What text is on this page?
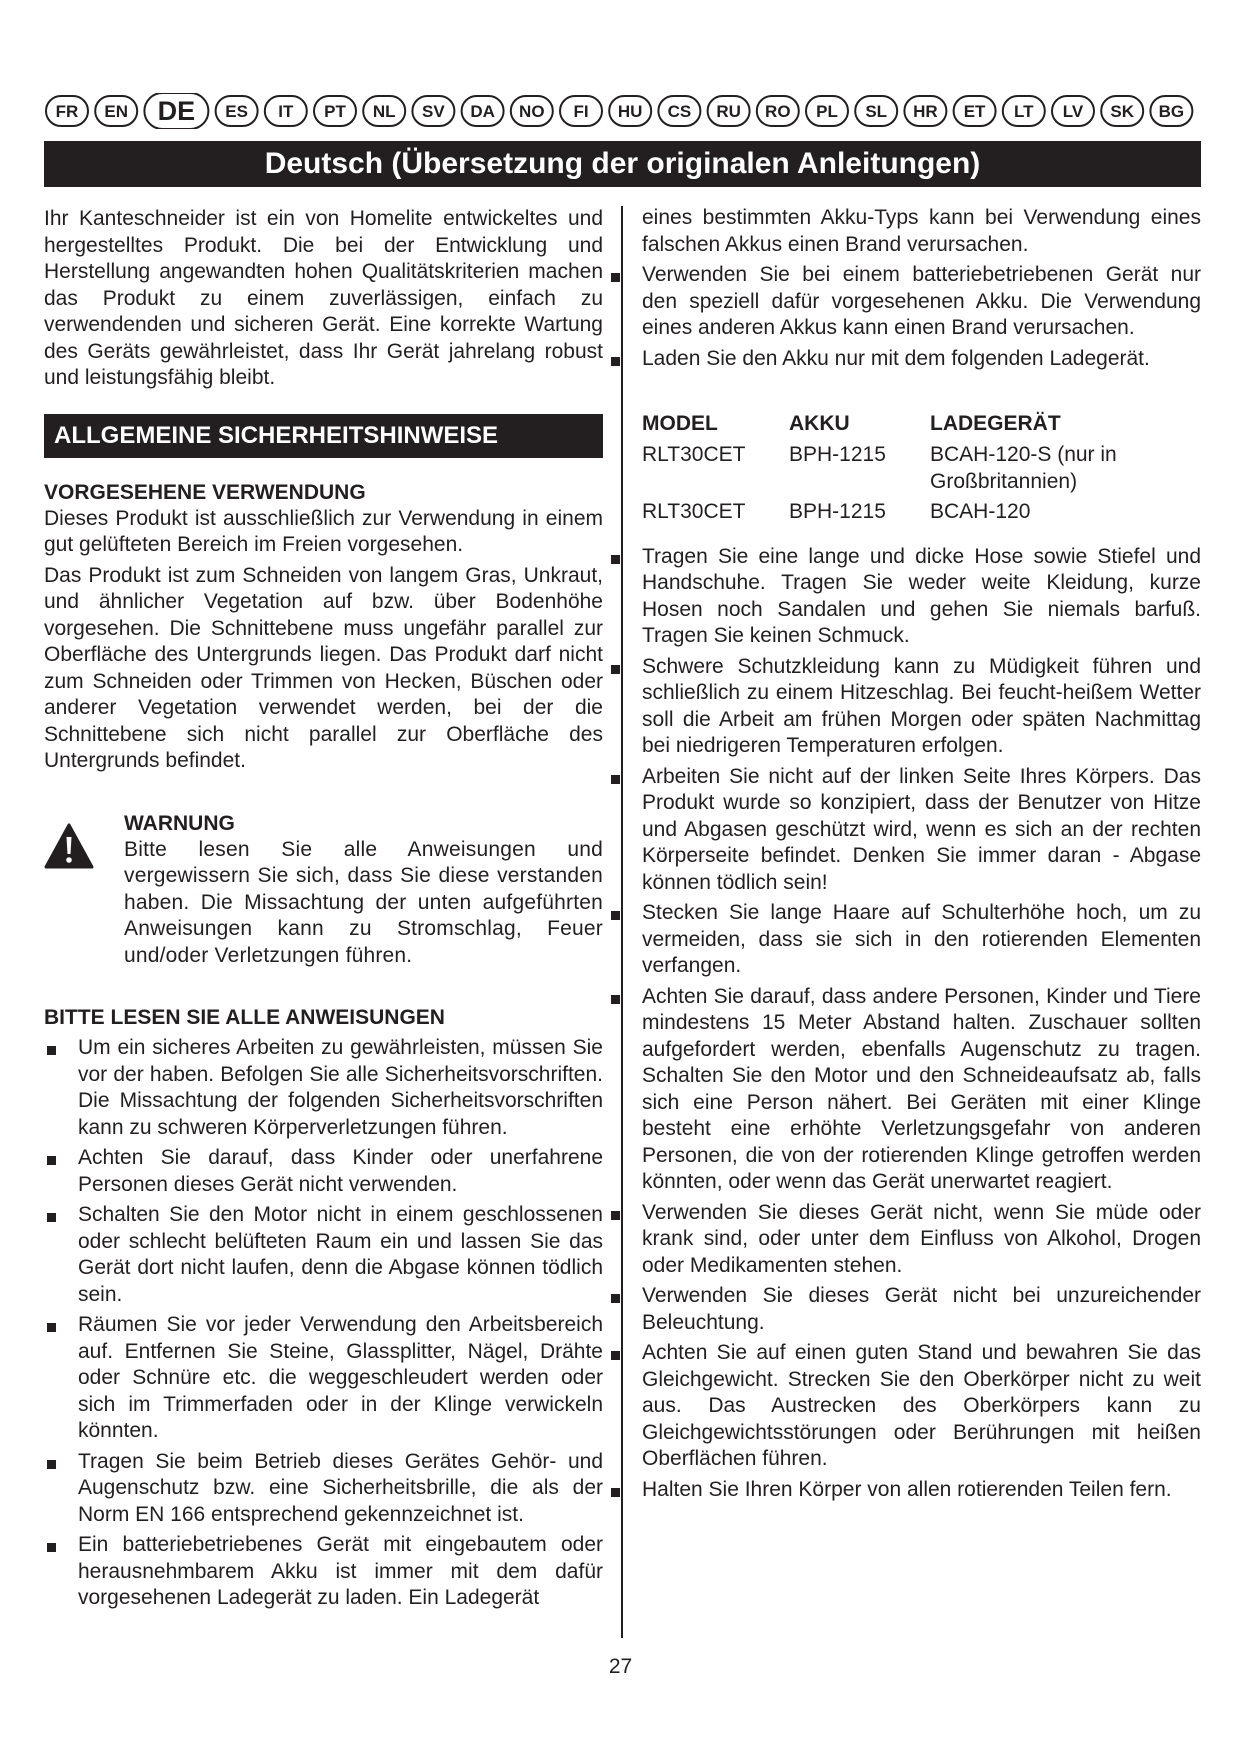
FR EN DE ES IT PT NL SV DA NO FI HU CS RU RO PL SL HR ET LT LV SK BG
Deutsch (Übersetzung der originalen Anleitungen)

Ihr Kanteschneider ist ein von Homelite entwickeltes und hergestelltes Produkt. Die bei der Entwicklung und Herstellung angewandten hohen Qualitätskriterien machen das Produkt zu einem zuverlässigen, einfach zu verwendenden und sicheren Gerät. Eine korrekte Wartung des Geräts gewährleistet, dass Ihr Gerät jahrelang robust und leistungsfähig bleibt.

ALLGEMEINE SICHERHEITSHINWEISE
VORGESEHENE VERWENDUNG

Dieses Produkt ist ausschließlich zur Verwendung in einem gut gelüfteten Bereich im Freien vorgesehen.

Das Produkt ist zum Schneiden von langem Gras, Unkraut, und ähnlicher Vegetation auf bzw. über Bodenhöhe vorgesehen. Die Schnittebene muss ungefähr parallel zur Oberfläche des Untergrunds liegen. Das Produkt darf nicht zum Schneiden oder Trimmen von Hecken, Büschen oder anderer Vegetation verwendet werden, bei der die Schnittebene sich nicht parallel zur Oberfläche des Untergrunds befindet.

WARNUNG

Bitte lesen Sie alle Anweisungen und vergewissern Sie sich, dass Sie diese verstanden haben. Die Missachtung der unten aufgeführten Anweisungen kann zu Stromschlag, Feuer und/oder Verletzungen führen.

BITTE LESEN SIE ALLE ANWEISUNGEN

Um ein sicheres Arbeiten zu gewährleisten, müssen Sie vor der haben. Befolgen Sie alle Sicherheitsvorschriften. Die Missachtung der folgenden Sicherheitsvorschriften kann zu schweren Körperverletzungen führen.

Achten Sie darauf, dass Kinder oder unerfahrene Personen dieses Gerät nicht verwenden.

Schalten Sie den Motor nicht in einem geschlossenen oder schlecht belüfteten Raum ein und lassen Sie das Gerät dort nicht laufen, denn die Abgase können tödlich sein.

Räumen Sie vor jeder Verwendung den Arbeitsbereich auf. Entfernen Sie Steine, Glassplitter, Nägel, Drähte oder Schnüre etc. die weggeschleudert werden oder sich im Trimmerfaden oder in der Klinge verwickeln könnten.

Tragen Sie beim Betrieb dieses Gerätes Gehör- und Augenschutz bzw. eine Sicherheitsbrille, die als der Norm EN 166 entsprechend gekennzeichnet ist.

Ein batteriebetriebenes Gerät mit eingebautem oder herausnehmbarem Akku ist immer mit dem dafür vorgesehenen Ladegerät zu laden. Ein Ladegerät

eines bestimmten Akku-Typs kann bei Verwendung eines falschen Akkus einen Brand verursachen.

Verwenden Sie bei einem batteriebetriebenen Gerät nur den speziell dafür vorgesehenen Akku. Die Verwendung eines anderen Akkus kann einen Brand verursachen.

Laden Sie den Akku nur mit dem folgenden Ladegerät.

MODEL	AKKU	LADEGERÄT
RLT30CET	BPH-1215	BCAH-120-S (nur in Großbritannien)
RLT30CET	BPH-1215	BCAH-120

Tragen Sie eine lange und dicke Hose sowie Stiefel und Handschuhe. Tragen Sie weder weite Kleidung, kurze Hosen noch Sandalen und gehen Sie niemals barfuß. Tragen Sie keinen Schmuck.

Schwere Schutzkleidung kann zu Müdigkeit führen und schließlich zu einem Hitzeschlag. Bei feucht-heißem Wetter soll die Arbeit am frühen Morgen oder späten Nachmittag bei niedrigeren Temperaturen erfolgen.

Arbeiten Sie nicht auf der linken Seite Ihres Körpers. Das Produkt wurde so konzipiert, dass der Benutzer von Hitze und Abgasen geschützt wird, wenn es sich an der rechten Körperseite befindet. Denken Sie immer daran - Abgase können tödlich sein!

Stecken Sie lange Haare auf Schulterhöhe hoch, um zu vermeiden, dass sie sich in den rotierenden Elementen verfangen.

Achten Sie darauf, dass andere Personen, Kinder und Tiere mindestens 15 Meter Abstand halten. Zuschauer sollten aufgefordert werden, ebenfalls Augenschutz zu tragen. Schalten Sie den Motor und den Schneideaufsatz ab, falls sich eine Person nähert. Bei Geräten mit einer Klinge besteht eine erhöhte Verletzungsgefahr von anderen Personen, die von der rotierenden Klinge getroffen werden könnten, oder wenn das Gerät unerwartet reagiert.

Verwenden Sie dieses Gerät nicht, wenn Sie müde oder krank sind, oder unter dem Einfluss von Alkohol, Drogen oder Medikamenten stehen.

Verwenden Sie dieses Gerät nicht bei unzureichender Beleuchtung.

Achten Sie auf einen guten Stand und bewahren Sie das Gleichgewicht. Strecken Sie den Oberkörper nicht zu weit aus. Das Austrecken des Oberkörpers kann zu Gleichgewichtsstörungen oder Berührungen mit heißen Oberflächen führen.

Halten Sie Ihren Körper von allen rotierenden Teilen fern.

27
